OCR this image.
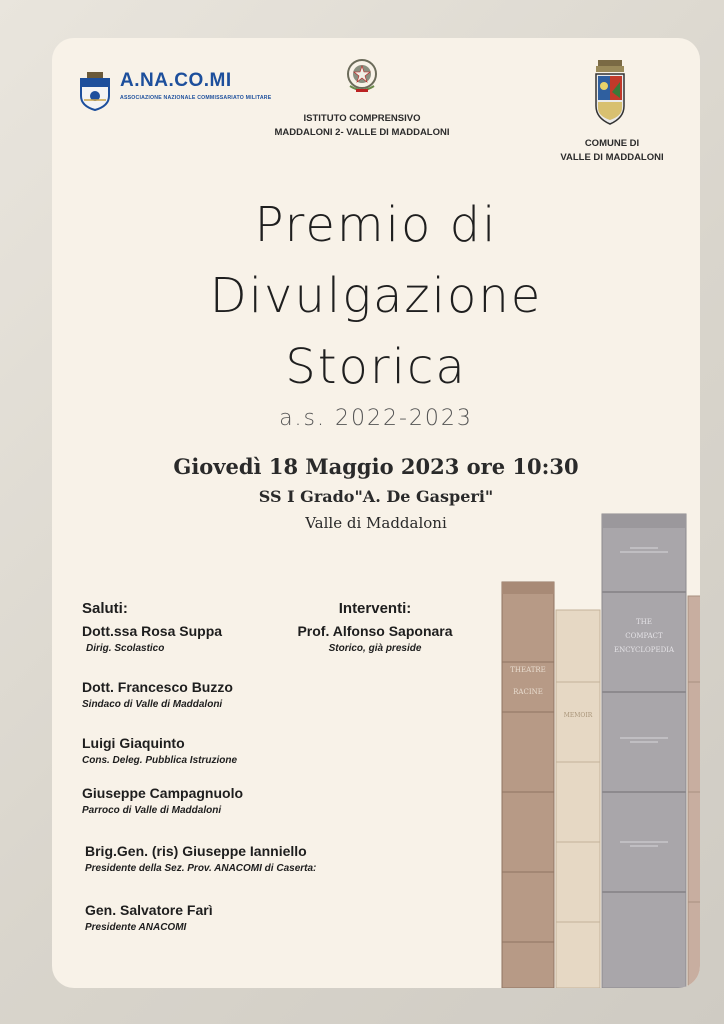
A.NA.CO.MI
ASSOCIAZIONE NAZIONALE COMMISSARIATO MILITARE
ISTITUTO COMPRENSIVO
MADDALONI 2- VALLE DI MADDALONI
COMUNE DI
VALLE DI MADDALONI
Premio di
Divulgazione
Storica
a.s. 2022-2023
Giovedì 18 Maggio 2023 ore 10:30
SS I Grado"A. De Gasperi"
Valle di Maddaloni
Saluti:
Dott.ssa Rosa Suppa
Dirig. Scolastico
Dott. Francesco Buzzo
Sindaco di Valle di Maddaloni
Luigi Giaquinto
Cons. Deleg. Pubblica Istruzione
Giuseppe Campagnuolo
Parroco di Valle di Maddaloni
Brig.Gen. (ris) Giuseppe Ianniello
Presidente della Sez. Prov. ANACOMI di Caserta:
Gen. Salvatore Farì
Presidente ANACOMI
Interventi:
Prof. Alfonso Saponara
Storico, già preside
THEATRE
RACINE
MEMOIR
THE
COMPACT
ENCYCLOPEDIA
